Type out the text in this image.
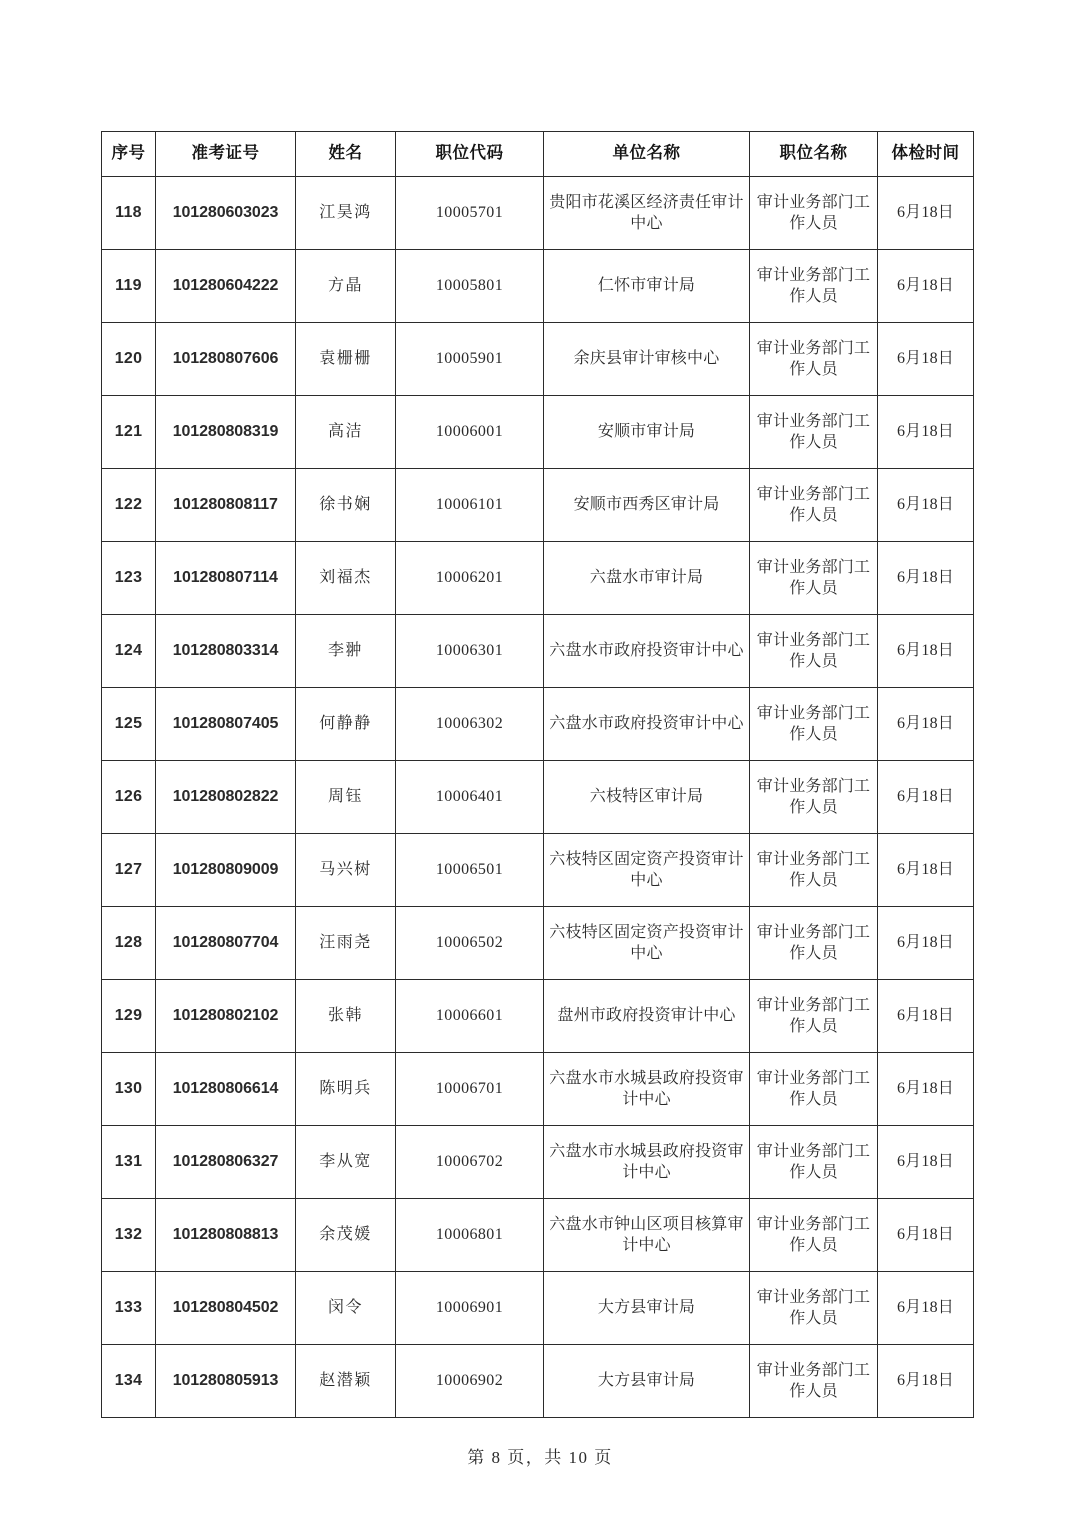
序号	准考证号	姓名	职位代码	单位名称	职位名称	体检时间
118	101280603023	江昊鸿	10005701	贵阳市花溪区经济责任审计中心	审计业务部门工作人员	6月18日
119	101280604222	方晶	10005801	仁怀市审计局	审计业务部门工作人员	6月18日
120	101280807606	袁栅栅	10005901	余庆县审计审核中心	审计业务部门工作人员	6月18日
121	101280808319	高洁	10006001	安顺市审计局	审计业务部门工作人员	6月18日
122	101280808117	徐书娴	10006101	安顺市西秀区审计局	审计业务部门工作人员	6月18日
123	101280807114	刘福杰	10006201	六盘水市审计局	审计业务部门工作人员	6月18日
124	101280803314	李翀	10006301	六盘水市政府投资审计中心	审计业务部门工作人员	6月18日
125	101280807405	何静静	10006302	六盘水市政府投资审计中心	审计业务部门工作人员	6月18日
126	101280802822	周钰	10006401	六枝特区审计局	审计业务部门工作人员	6月18日
127	101280809009	马兴树	10006501	六枝特区固定资产投资审计中心	审计业务部门工作人员	6月18日
128	101280807704	汪雨尧	10006502	六枝特区固定资产投资审计中心	审计业务部门工作人员	6月18日
129	101280802102	张韩	10006601	盘州市政府投资审计中心	审计业务部门工作人员	6月18日
130	101280806614	陈明兵	10006701	六盘水市水城县政府投资审计中心	审计业务部门工作人员	6月18日
131	101280806327	李从宽	10006702	六盘水市水城县政府投资审计中心	审计业务部门工作人员	6月18日
132	101280808813	余茂媛	10006801	六盘水市钟山区项目核算审计中心	审计业务部门工作人员	6月18日
133	101280804502	闵令	10006901	大方县审计局	审计业务部门工作人员	6月18日
134	101280805913	赵潜颖	10006902	大方县审计局	审计业务部门工作人员	6月18日
第 8 页，共 10 页
